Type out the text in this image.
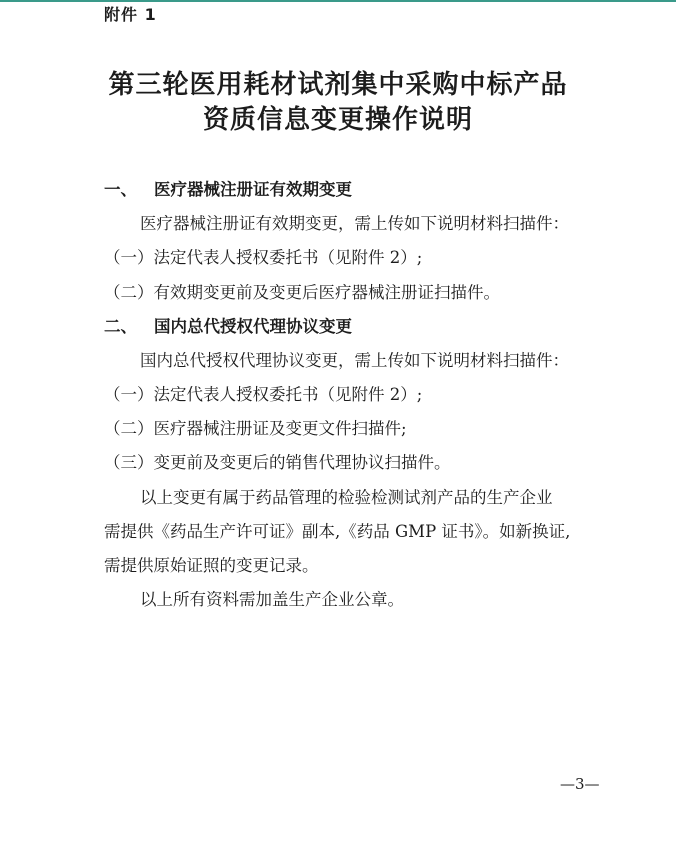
附件 1
第三轮医用耗材试剂集中采购中标产品
资质信息变更操作说明
一、 医疗器械注册证有效期变更
医疗器械注册证有效期变更，需上传如下说明材料扫描件：
（一）法定代表人授权委托书（见附件 2）;
（二）有效期变更前及变更后医疗器械注册证扫描件。
二、 国内总代授权代理协议变更
国内总代授权代理协议变更，需上传如下说明材料扫描件：
（一）法定代表人授权委托书（见附件 2）;
（二）医疗器械注册证及变更文件扫描件;
（三）变更前及变更后的销售代理协议扫描件。
以上变更有属于药品管理的检验检测试剂产品的生产企业
需提供《药品生产许可证》副本,《药品 GMP 证书》。如新换证,
需提供原始证照的变更记录。
以上所有资料需加盖生产企业公章。
—3—
